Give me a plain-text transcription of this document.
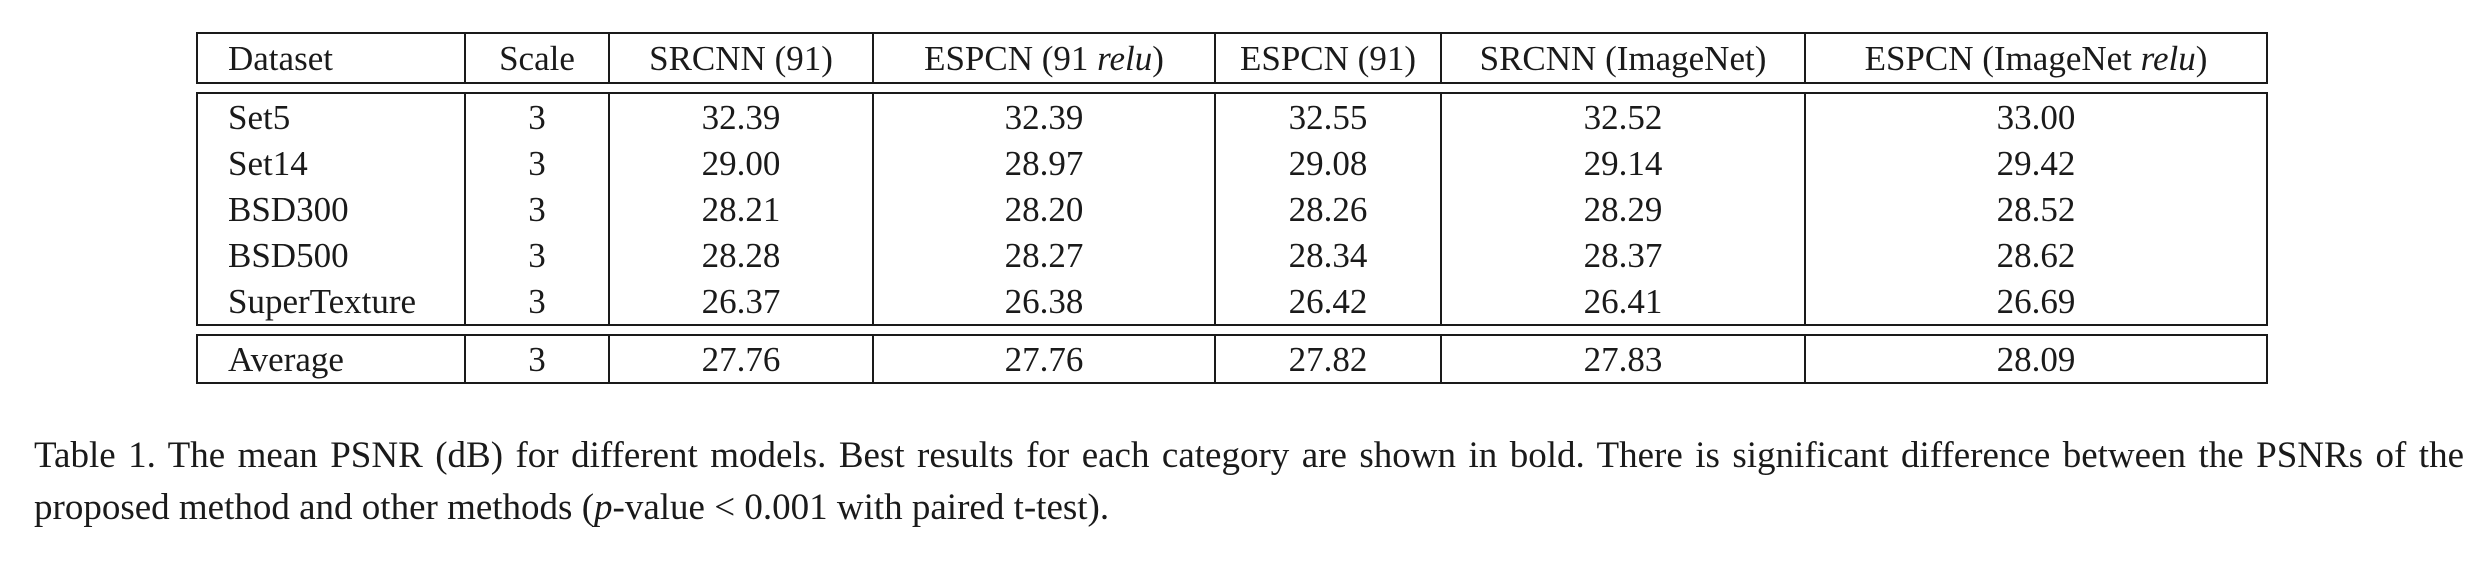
Dataset	Scale	SRCNN (91)	ESPCN (91 relu)	ESPCN (91)	SRCNN (ImageNet)	ESPCN (ImageNet relu)

Set5	3	32.39	32.39	32.55	32.52	33.00
Set14	3	29.00	28.97	29.08	29.14	29.42
BSD300	3	28.21	28.20	28.26	28.29	28.52
BSD500	3	28.28	28.27	28.34	28.37	28.62
SuperTexture	3	26.37	26.38	26.42	26.41	26.69

Average	3	27.76	27.76	27.82	27.83	28.09
Table 1. The mean PSNR (dB) for different models. Best results for each category are shown in bold. There is significant difference between the PSNRs of the proposed method and other methods (p-value < 0.001 with paired t-test).
